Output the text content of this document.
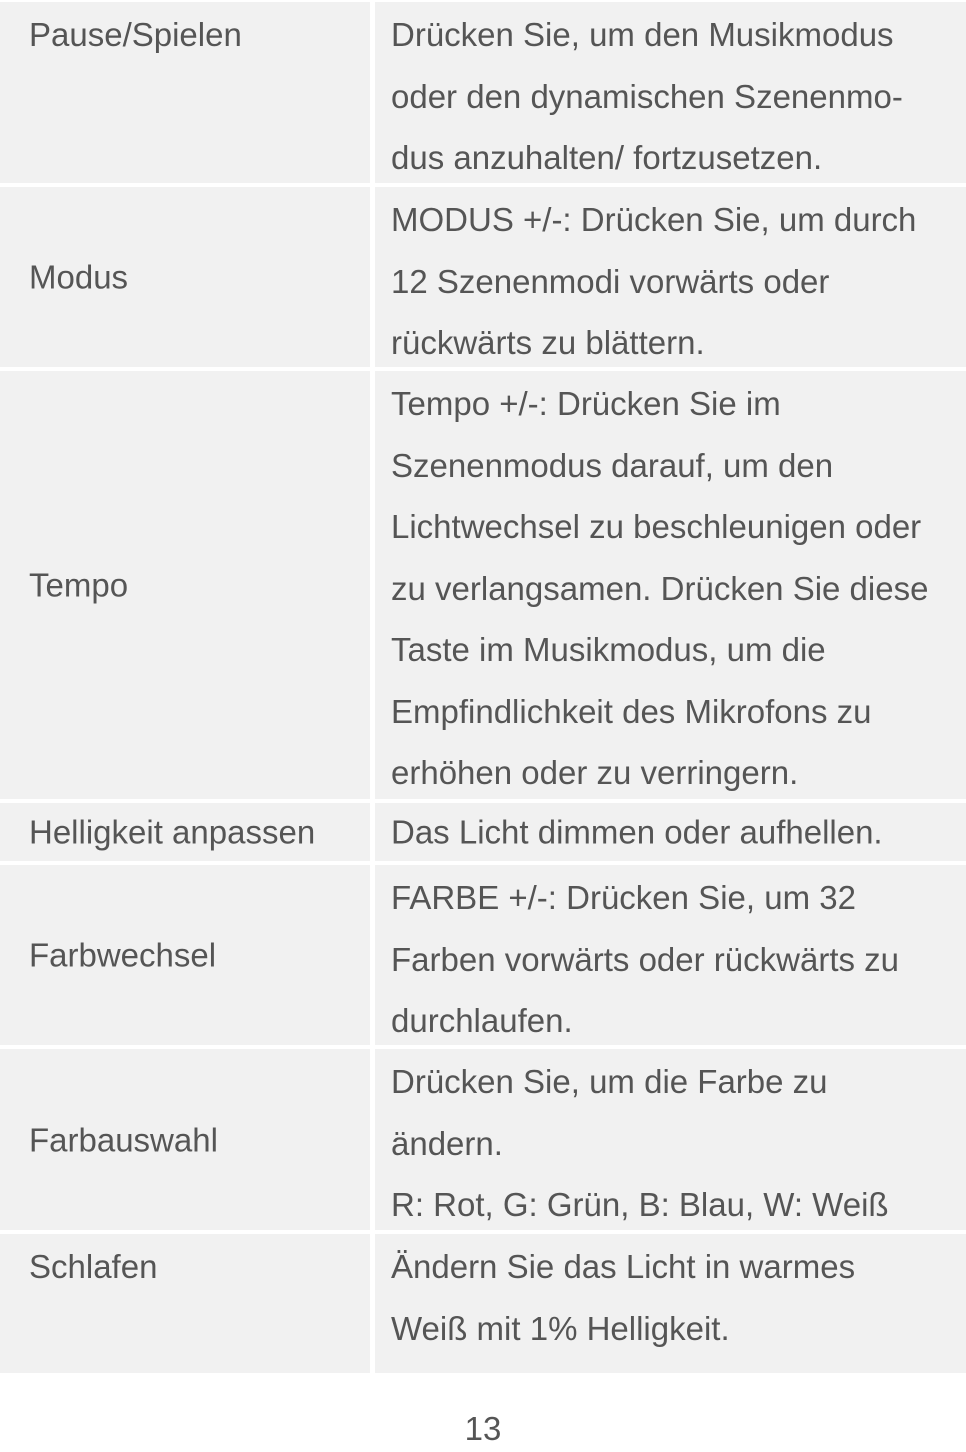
Pause/Spielen	Drücken Sie, um den Musikmodus
oder den dynamischen Szenenmo-
dus anzuhalten/ fortzusetzen.
Modus
MODUS +/-: Drücken Sie, um durch
12 Szenenmodi vorwärts oder
rückwärts zu blättern.
Tempo
Tempo +/-: Drücken Sie im
Szenenmodus darauf, um den
Lichtwechsel zu beschleunigen oder
zu verlangsamen. Drücken Sie diese
Taste im Musikmodus, um die
Empfindlichkeit des Mikrofons zu
erhöhen oder zu verringern.
Helligkeit anpassen Das Licht dimmen oder aufhellen.
Farbwechsel
FARBE +/-: Drücken Sie, um 32
Farben vorwärts oder rückwärts zu
durchlaufen.
Farbauswahl
Drücken Sie, um die Farbe zu
ändern.
R: Rot, G: Grün, B: Blau, W: Weiß
Schlafen	Ändern Sie das Licht in warmes
Weiß mit 1% Helligkeit.
13
